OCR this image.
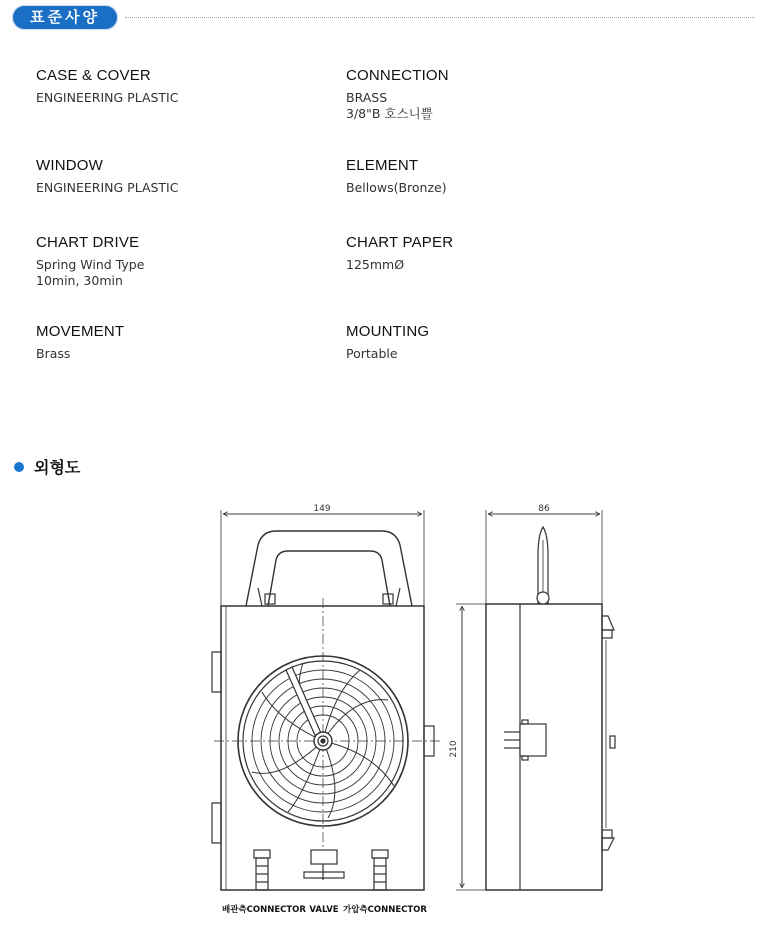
표준사양
CASE & COVER
ENGINEERING PLASTIC
CONNECTION
BRASS
3/8"B 호스니쁠
WINDOW
ENGINEERING PLASTIC
ELEMENT
Bellows(Bronze)
CHART DRIVE
Spring Wind Type
10min, 30min
CHART PAPER
125mmØ
MOVEMENT
Brass
MOUNTING
Portable
외형도
149	86
210
배관측CONNECTOR VALVE 가압측CONNECTOR
